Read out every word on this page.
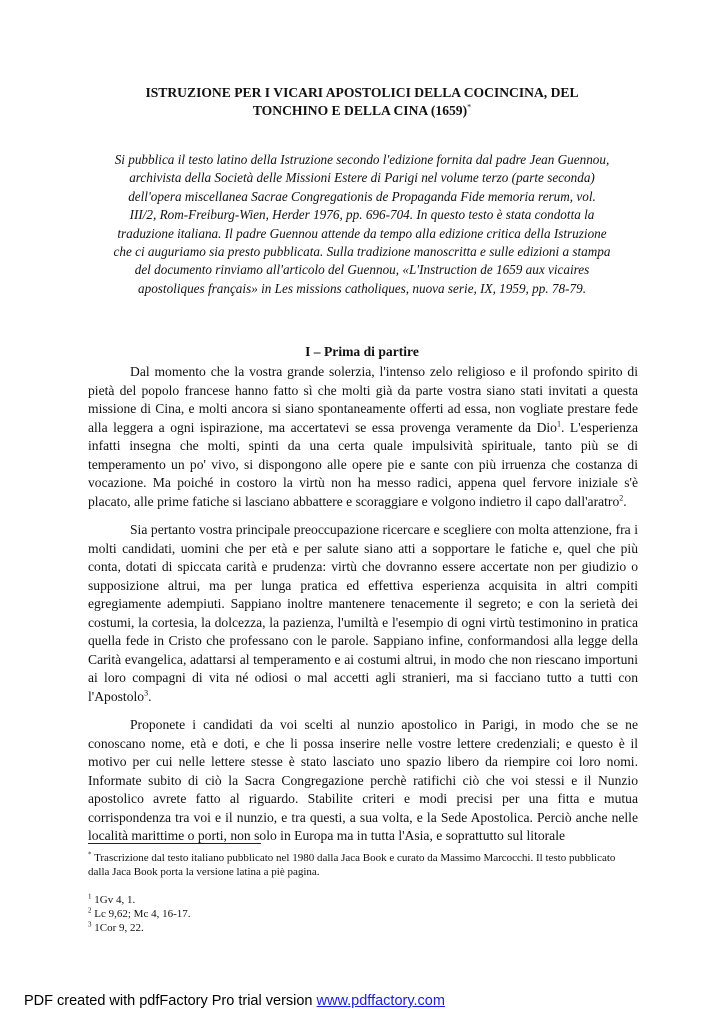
ISTRUZIONE PER I VICARI APOSTOLICI DELLA COCINCINA, DEL
TONCHINO E DELLA CINA (1659)*
Si pubblica il testo latino della Istruzione secondo l'edizione fornita dal padre Jean Guennou,
archivista della Società delle Missioni Estere di Parigi nel volume terzo (parte seconda)
dell'opera miscellanea Sacrae Congregationis de Propaganda Fide memoria rerum, vol.
III/2, Rom-Freiburg-Wien, Herder 1976, pp. 696-704. In questo testo è stata condotta la
traduzione italiana. Il padre Guennou attende da tempo alla edizione critica della Istruzione
che ci auguriamo sia presto pubblicata. Sulla tradizione manoscritta e sulle edizioni a stampa
del documento rinviamo all'articolo del Guennou, «L'Instruction de 1659 aux vicaires
apostoliques français» in Les missions catholiques, nuova serie, IX, 1959, pp. 78-79.
I – Prima di partire

Dal momento che la vostra grande solerzia, l'intenso zelo religioso e il profondo spirito di pietà del popolo francese hanno fatto sì che molti già da parte vostra siano stati invitati a questa missione di Cina, e molti ancora si siano spontaneamente offerti ad essa, non vogliate prestare fede alla leggera a ogni ispirazione, ma accertatevi se essa provenga veramente da Dio$^1$. L'esperienza infatti insegna che molti, spinti da una certa quale impulsività spirituale, tanto più se di temperamento un po' vivo, si dispongono alle opere pie e sante con più irruenza che costanza di vocazione. Ma poiché in costoro la virtù non ha messo radici, appena quel fervore iniziale s'è placato, alle prime fatiche si lasciano abbattere e scoraggiare e volgono indietro il capo dall'aratro$^2$.

Sia pertanto vostra principale preoccupazione ricercare e scegliere con molta attenzione, fra i molti candidati, uomini che per età e per salute siano atti a sopportare le fatiche e, quel che più conta, dotati di spiccata carità e prudenza: virtù che dovranno essere accertate non per giudizio o supposizione altrui, ma per lunga pratica ed effettiva esperienza acquisita in altri compiti egregiamente adempiuti. Sappiano inoltre mantenere tenacemente il segreto; e con la serietà dei costumi, la cortesia, la dolcezza, la pazienza, l'umiltà e l'esempio di ogni virtù testimonino in pratica quella fede in Cristo che professano con le parole. Sappiano infine, conformandosi alla legge della Carità evangelica, adattarsi al temperamento e ai costumi altrui, in modo che non riescano importuni ai loro compagni di vita né odiosi o mal accetti agli stranieri, ma si facciano tutto a tutti con l'Apostolo$^3$.

Proponete i candidati da voi scelti al nunzio apostolico in Parigi, in modo che se ne conoscano nome, età e doti, e che li possa inserire nelle vostre lettere credenziali; e questo è il motivo per cui nelle lettere stesse è stato lasciato uno spazio libero da riempire coi loro nomi. Informate subito di ciò la Sacra Congregazione perchè ratifichi ciò che voi stessi e il Nunzio apostolico avrete fatto al riguardo. Stabilite criteri e modi precisi per una fitta e mutua corrispondenza tra voi e il nunzio, e tra questi, a sua volta, e la Sede Apostolica. Perciò anche nelle località marittime o porti, non solo in Europa ma in tutta l'Asia, e soprattutto sul litorale

* Trascrizione dal testo italiano pubblicato nel 1980 dalla Jaca Book e curato da Massimo Marcocchi. Il testo pubblicato dalla Jaca Book porta la versione latina a piè pagina.

$^1$ 1Gv 4, 1.

$^2$ Lc 9,62; Mc 4, 16-17.

$^3$ 1Cor 9, 22.

PDF created with pdfFactory Pro trial version www.pdffactory.com
